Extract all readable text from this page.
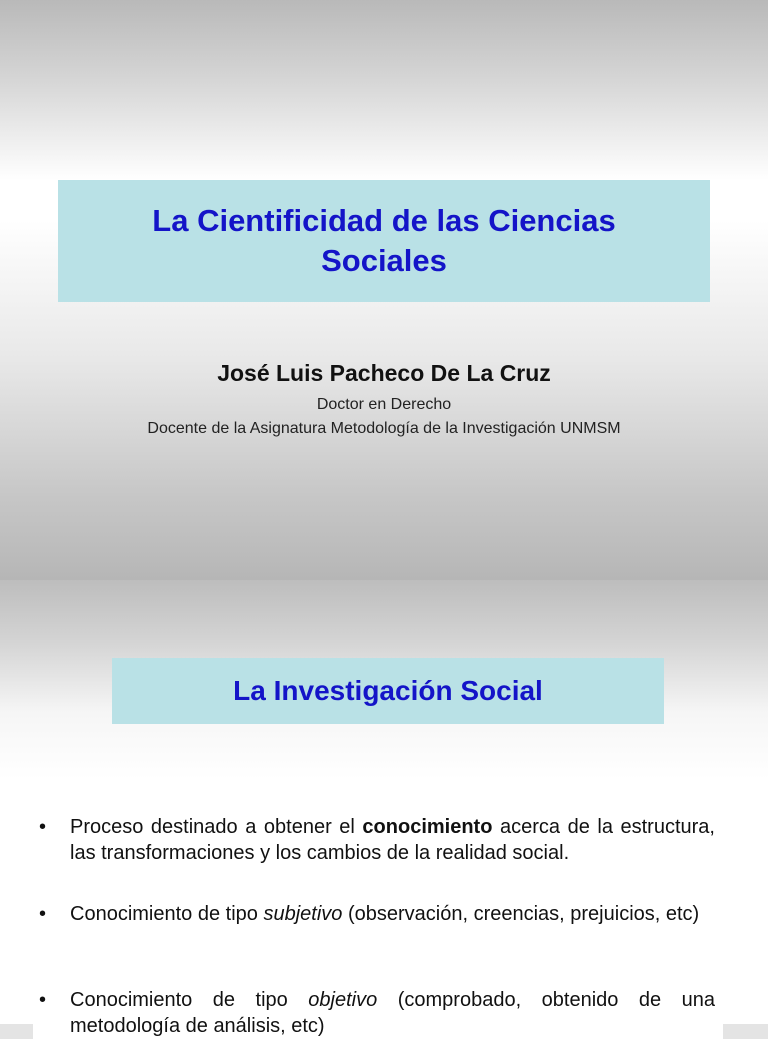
La Cientificidad de las Ciencias Sociales

José Luis Pacheco De La Cruz

Doctor en Derecho

Docente de la Asignatura Metodología de la Investigación UNMSM

La Investigación Social
• Proceso destinado a obtener el conocimiento acerca de la estructura, las transformaciones y los cambios de la realidad social.

• Conocimiento de tipo subjetivo (observación, creencias, prejuicios, etc)

• Conocimiento de tipo objetivo (comprobado, obtenido de una metodología de análisis, etc)
